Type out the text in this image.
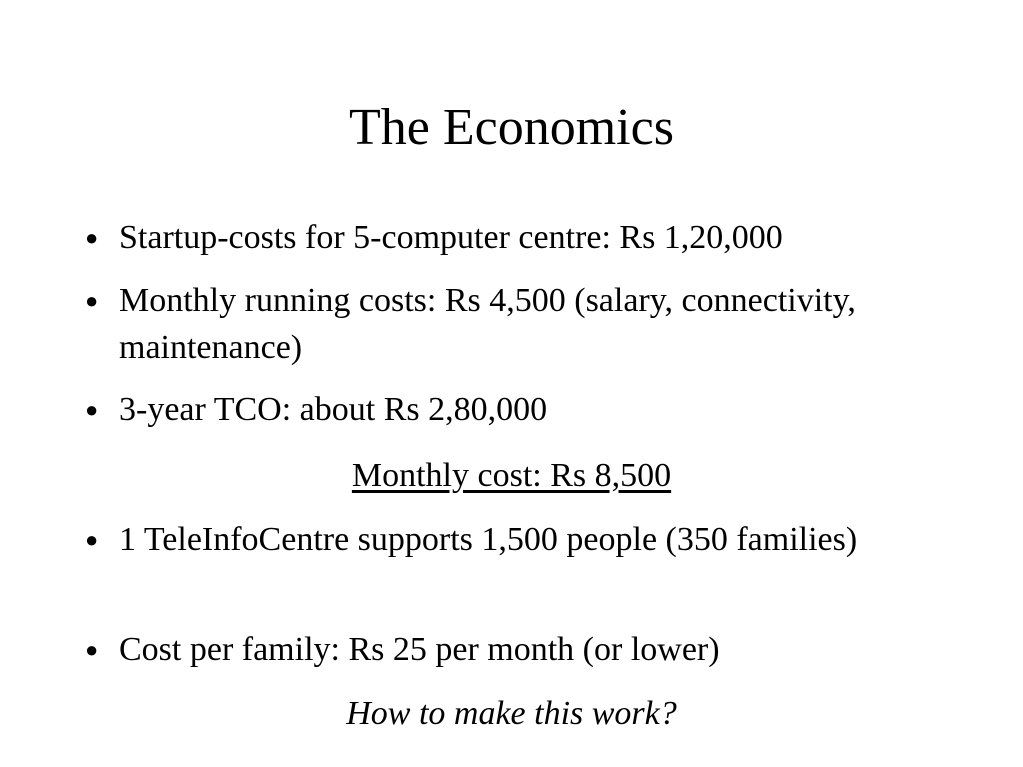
The Economics
● Startup-costs for 5-computer centre: Rs 1,20,000
● Monthly running costs: Rs 4,500 (salary, connectivity, maintenance)
● 3-year TCO: about Rs 2,80,000
Monthly cost: Rs 8,500
● 1 TeleInfoCentre supports 1,500 people (350 families)
● Cost per family: Rs 25 per month (or lower)
How to make this work?
